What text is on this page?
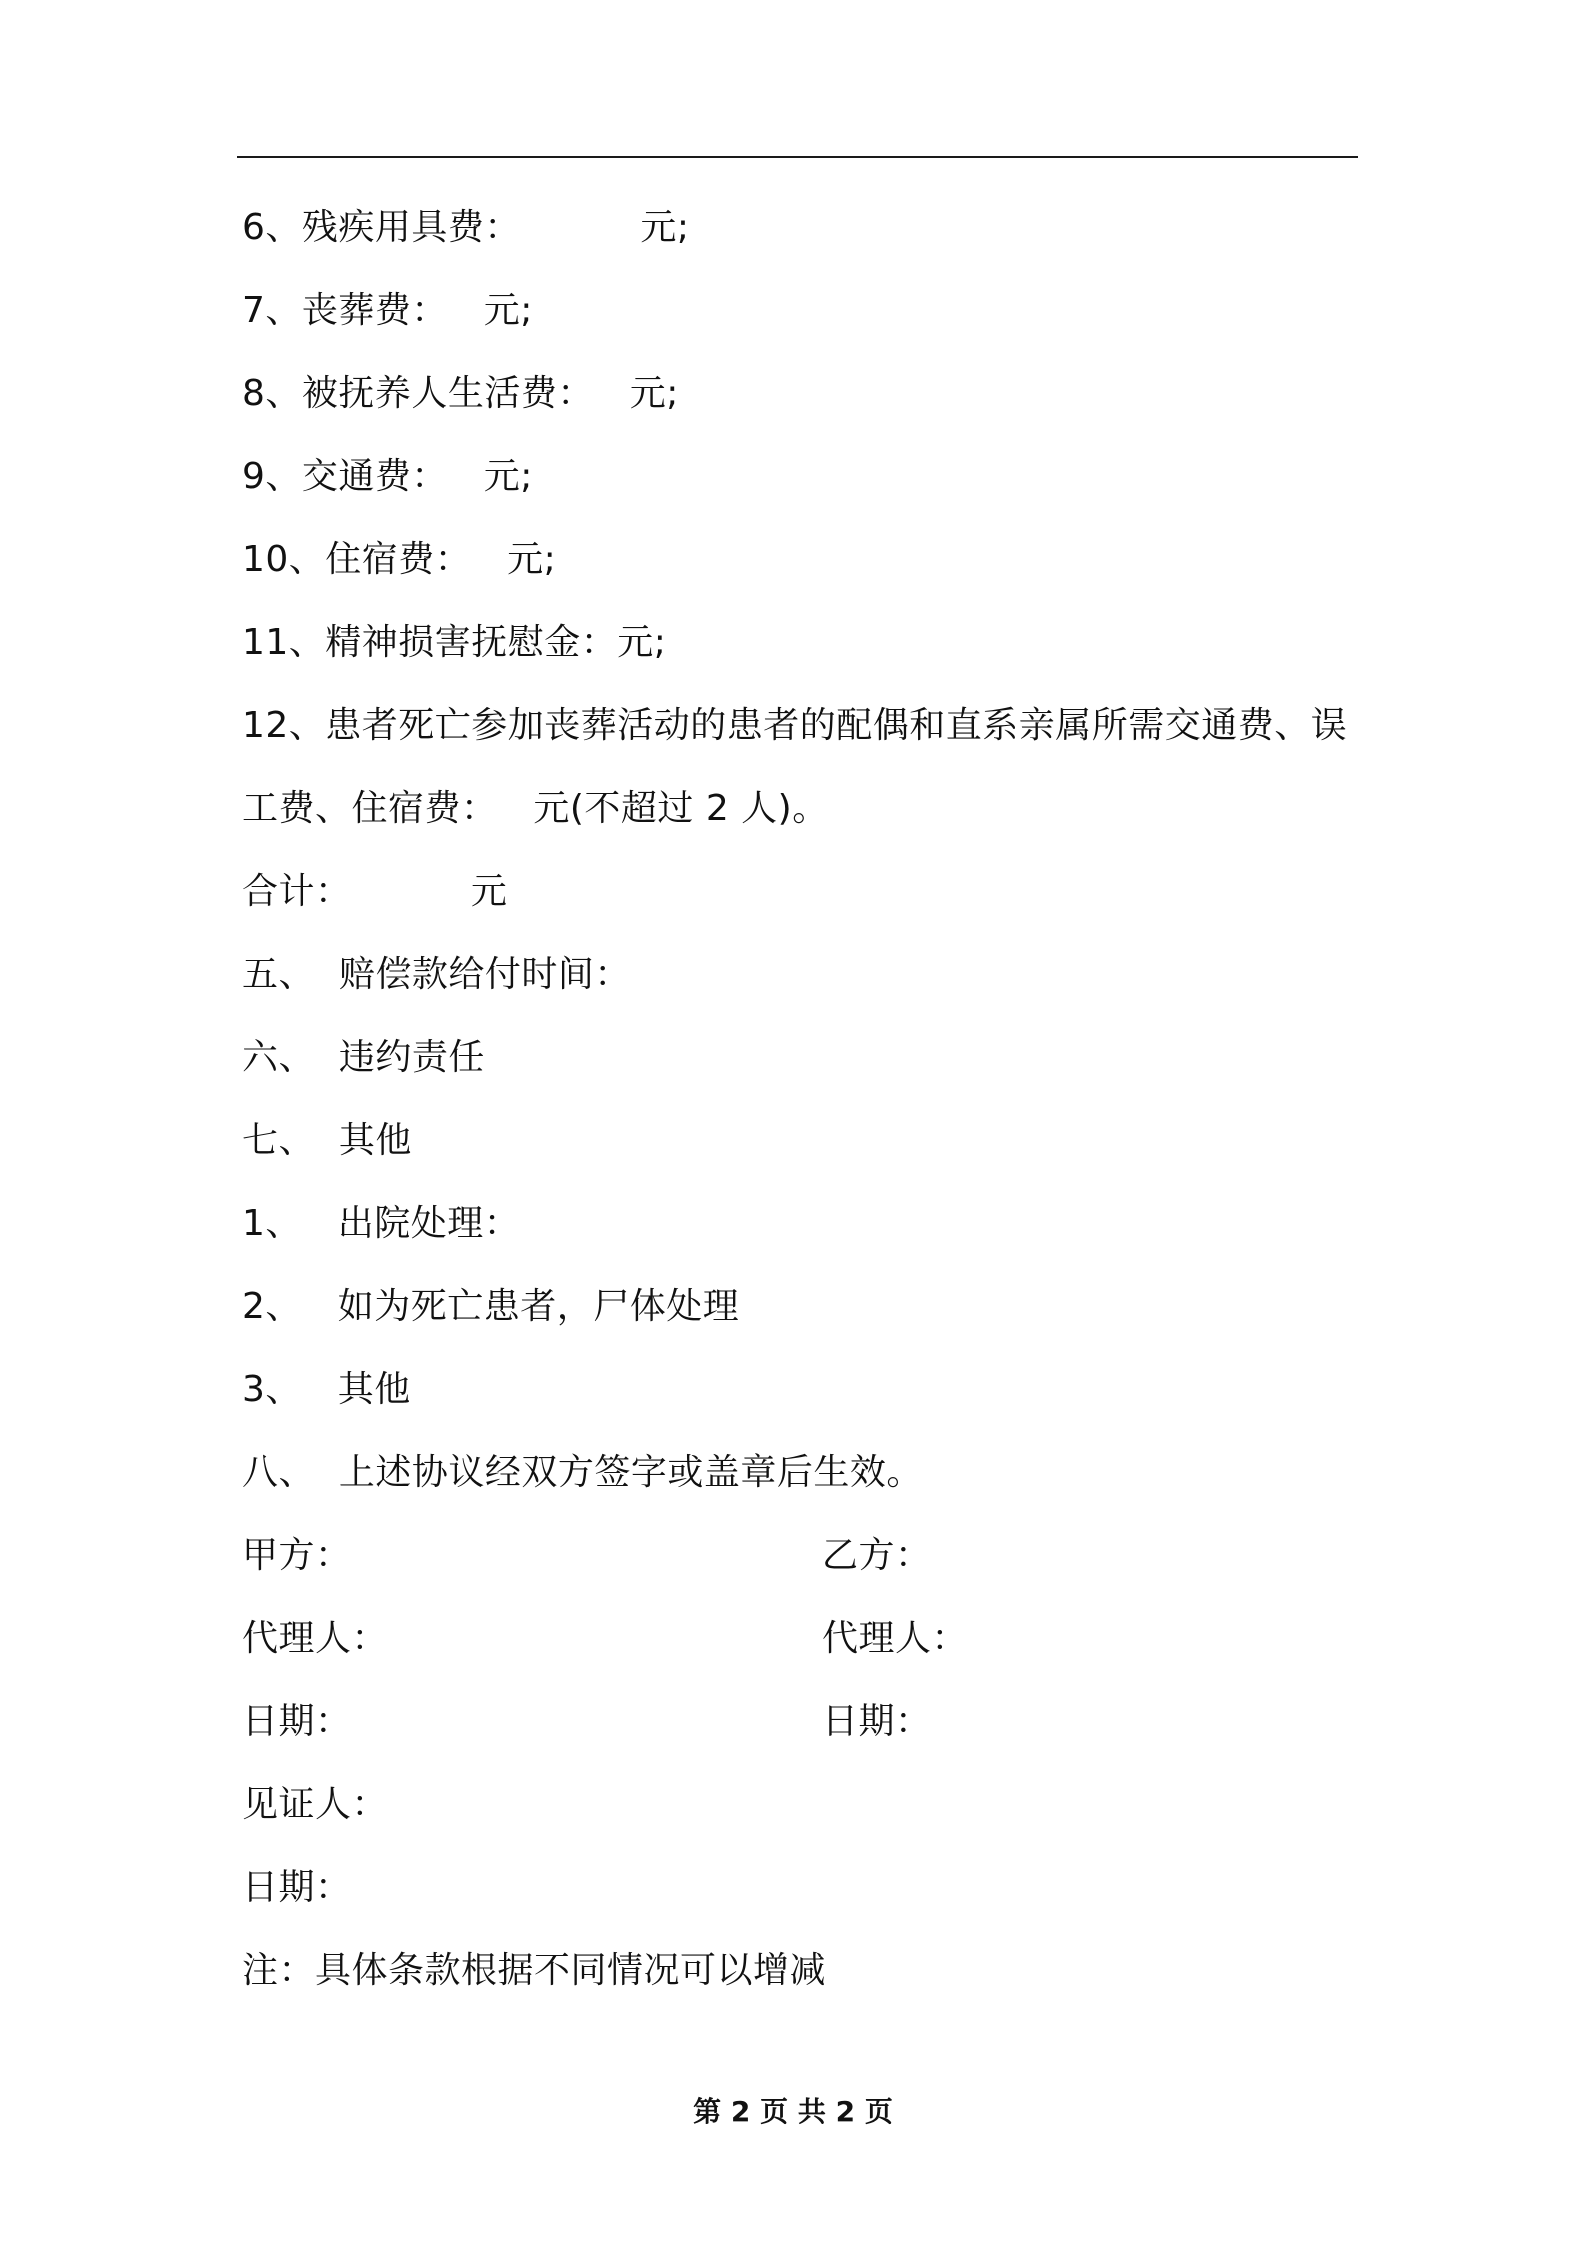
6、残疾用具费：          元;
7、丧葬费：   元;
8、被抚养人生活费：   元;
9、交通费：   元;
10、住宿费：   元;
11、精神损害抚慰金：元;
12、患者死亡参加丧葬活动的患者的配偶和直系亲属所需交通费、误
工费、住宿费：   元(不超过 2 人)。
合计：          元
五、  赔偿款给付时间：
六、  违约责任
七、  其他
1、   出院处理：
2、   如为死亡患者，尸体处理
3、   其他
八、  上述协议经双方签字或盖章后生效。
甲方：	乙方：
代理人：	代理人：
日期：	日期：
见证人：
日期：
注：具体条款根据不同情况可以增减
第 2 页 共 2 页
